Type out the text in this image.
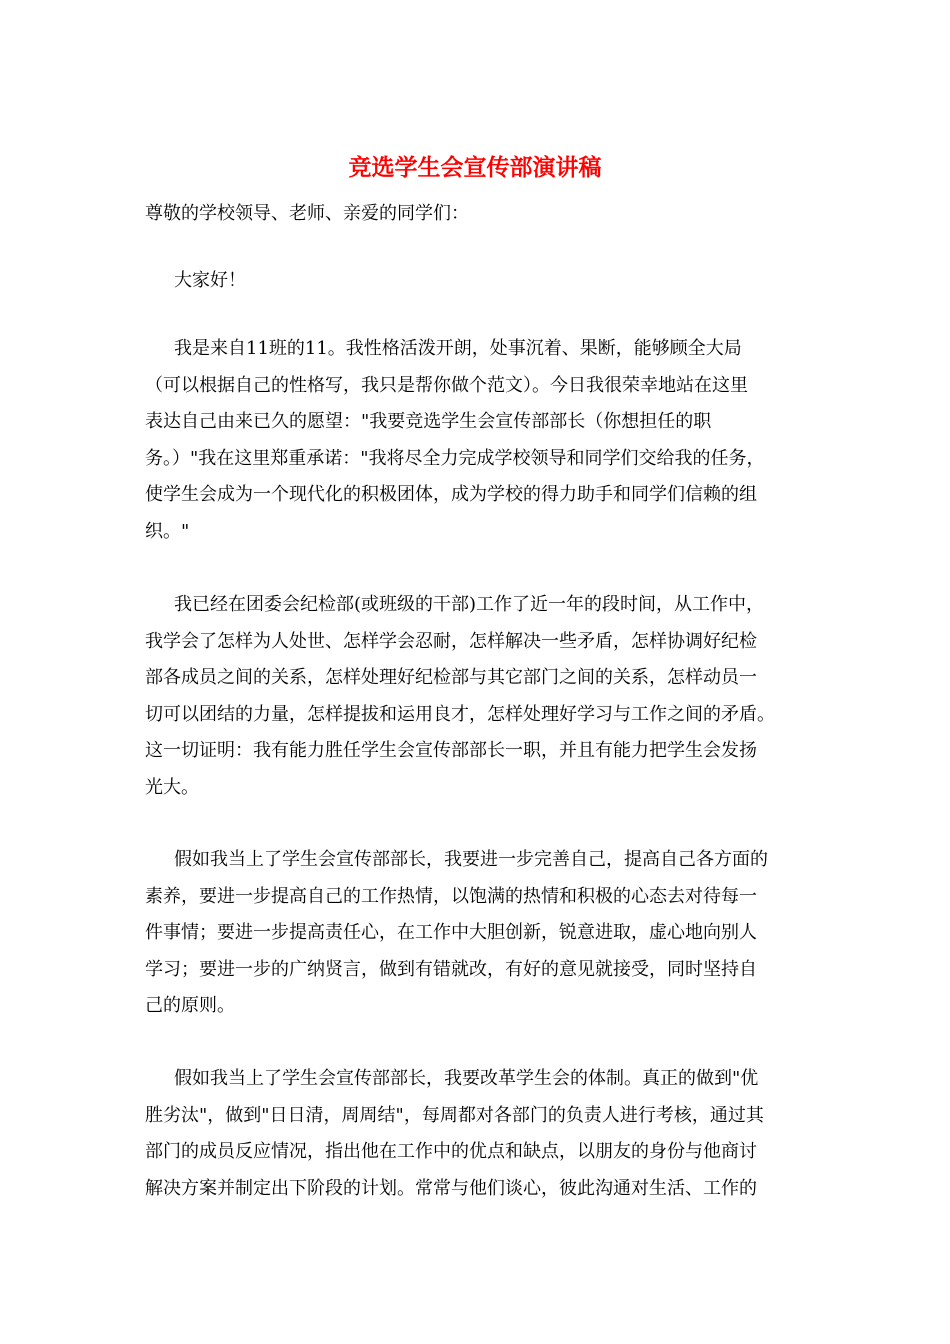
竞选学生会宣传部演讲稿
尊敬的学校领导、老师、亲爱的同学们：
大家好！
我是来自11班的11。我性格活泼开朗，处事沉着、果断，能够顾全大局
（可以根据自己的性格写，我只是帮你做个范文）。今日我很荣幸地站在这里
表达自己由来已久的愿望："我要竞选学生会宣传部部长（你想担任的职
务。）"我在这里郑重承诺："我将尽全力完成学校领导和同学们交给我的任务，
使学生会成为一个现代化的积极团体，成为学校的得力助手和同学们信赖的组
织。"
我已经在团委会纪检部(或班级的干部)工作了近一年的段时间，从工作中，
我学会了怎样为人处世、怎样学会忍耐，怎样解决一些矛盾，怎样协调好纪检
部各成员之间的关系，怎样处理好纪检部与其它部门之间的关系，怎样动员一
切可以团结的力量，怎样提拔和运用良才，怎样处理好学习与工作之间的矛盾。
这一切证明：我有能力胜任学生会宣传部部长一职，并且有能力把学生会发扬
光大。
假如我当上了学生会宣传部部长，我要进一步完善自己，提高自己各方面的
素养，要进一步提高自己的工作热情，以饱满的热情和积极的心态去对待每一
件事情；要进一步提高责任心，在工作中大胆创新，锐意进取，虚心地向别人
学习；要进一步的广纳贤言，做到有错就改，有好的意见就接受，同时坚持自
己的原则。
假如我当上了学生会宣传部部长，我要改革学生会的体制。真正的做到"优
胜劣汰"，做到"日日清，周周结"，每周都对各部门的负责人进行考核，通过其
部门的成员反应情况，指出他在工作中的优点和缺点，以朋友的身份与他商讨
解决方案并制定出下阶段的计划。常常与他们谈心，彼此沟通对生活、工作的
